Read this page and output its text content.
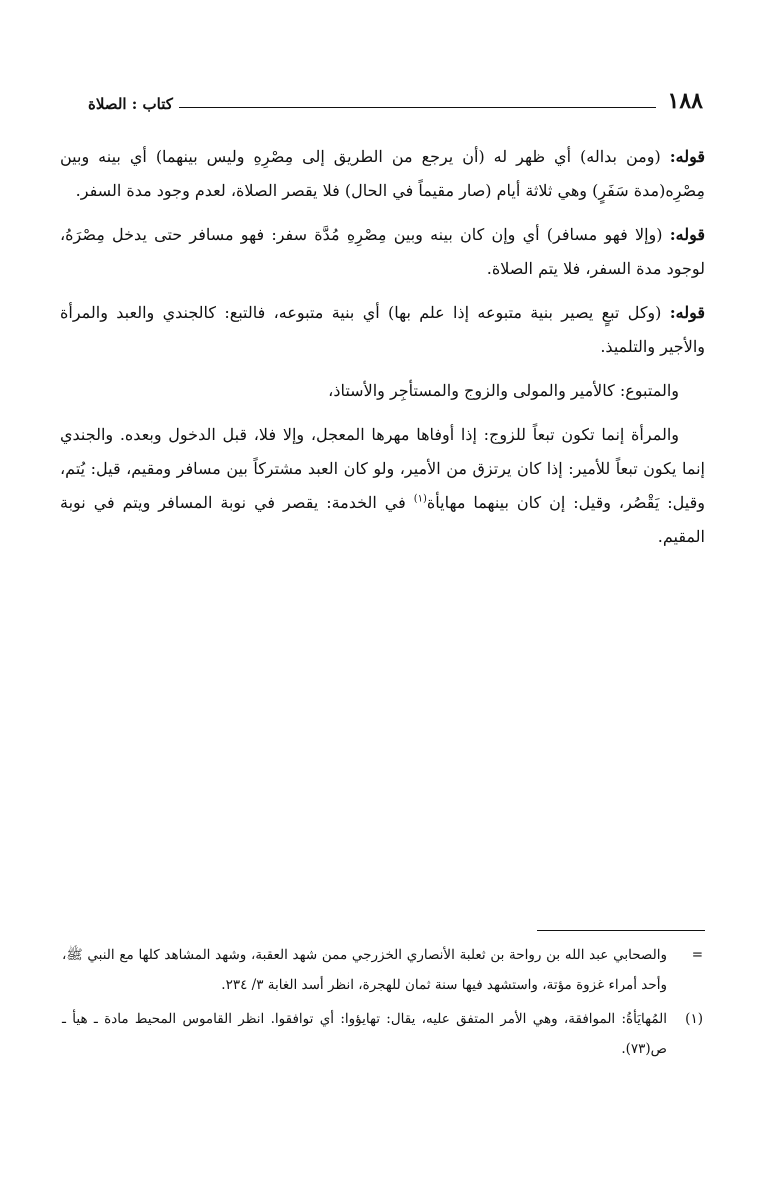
١٨٨
كتاب : الصلاة

قوله: (ومن بداله) أي ظهر له (أن يرجع من الطريق إلى مِصْرِهِ وليس بينهما) أي بينه وبين مِصْرِه(مدة سَفَرٍ) وهي ثلاثة أيام (صار مقيماً في الحال) فلا يقصر الصلاة، لعدم وجود مدة السفر.

قوله: (وإلا فهو مسافر) أي وإن كان بينه وبين مِصْرِهِ مُدَّة سفر: فهو مسافر حتى يدخل مِصْرَهُ، لوجود مدة السفر، فلا يتم الصلاة.

قوله: (وكل تبعٍ يصير بنية متبوعه إذا علم بها) أي بنية متبوعه، فالتبع: كالجندي والعبد والمرأة والأجير والتلميذ.

والمتبوع: كالأمير والمولى والزوج والمستأجِر والأستاذ،

والمرأة إنما تكون تبعاً للزوج: إذا أوفاها مهرها المعجل، وإلا فلا، قبل الدخول وبعده. والجندي إنما يكون تبعاً للأمير: إذا كان يرتزق من الأمير، ولو كان العبد مشتركاً بين مسافر ومقيم، قيل: يُتم، وقيل: يَقْصُر، وقيل: إن كان بينهما مهايأة$^{(١)}$ في الخدمة: يقصر في نوبة المسافر ويتم في نوبة المقيم.

=
والصحابي عبد الله بن رواحة بن ثعلبة الأنصاري الخزرجي ممن شهد العقبة، وشهد المشاهد كلها مع النبي ﷺ، وأحد أمراء غزوة مؤتة، واستشهد فيها سنة ثمان للهجرة، انظر أسد الغابة ٣/ ٢٣٤.
(١)
المُهايَأةُ: الموافقة، وهي الأمر المتفق عليه، يقال: تهايؤوا: أي توافقوا. انظر القاموس المحيط مادة ـ هيأ ـ ص(٧٣).
